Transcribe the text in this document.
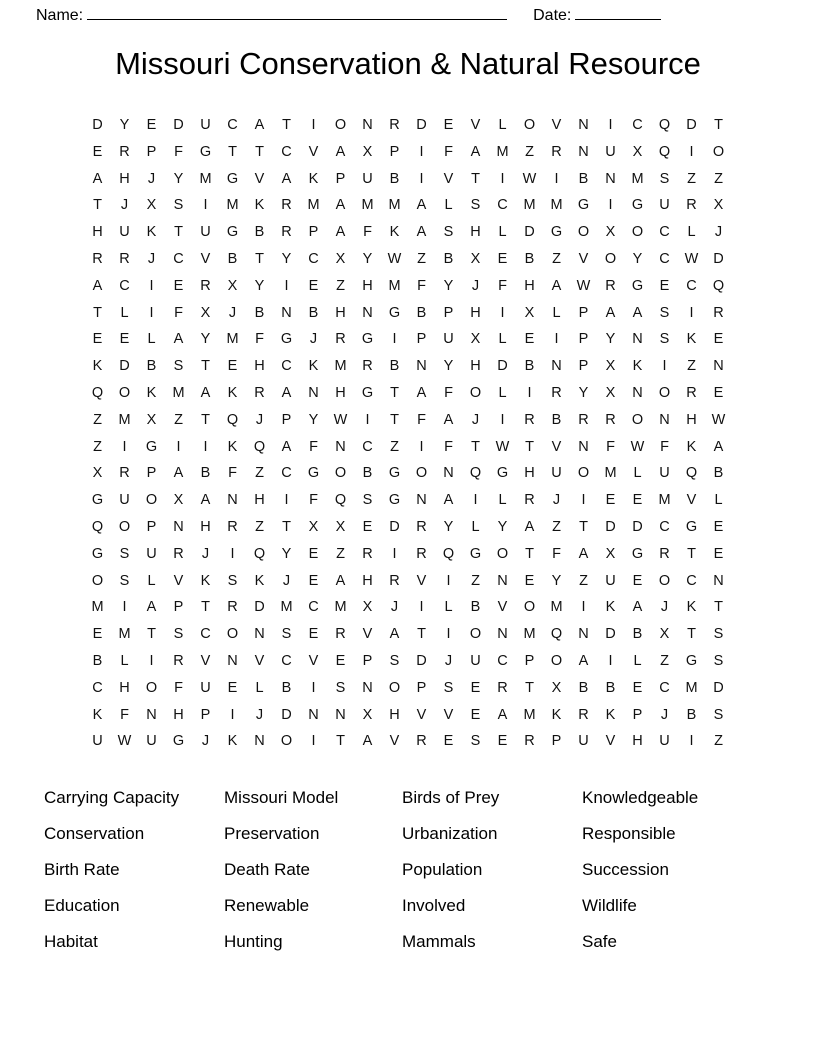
Name:	Date:
Missouri Conservation & Natural Resource
D	Y	E	D	U	C	A	T	I	O	N	R	D	E	V	L	O	V	N	I	C	Q	D	T
E	R	P	F	G	T	T	C	V	A	X	P	I	F	A	M	Z	R	N	U	X	Q	I	O
A	H	J	Y	M	G	V	A	K	P	U	B	I	V	T	I	W	I	B	N	M	S	Z	Z
T	J	X	S	I	M	K	R	M	A	M	M	A	L	S	C	M	M	G	I	G	U	R	X
H	U	K	T	U	G	B	R	P	A	F	K	A	S	H	L	D	G	O	X	O	C	L	J
R	R	J	C	V	B	T	Y	C	X	Y	W	Z	B	X	E	B	Z	V	O	Y	C	W	D
A	C	I	E	R	X	Y	I	E	Z	H	M	F	Y	J	F	H	A	W	R	G	E	C	Q
T	L	I	F	X	J	B	N	B	H	N	G	B	P	H	I	X	L	P	A	A	S	I	R
E	E	L	A	Y	M	F	G	J	R	G	I	P	U	X	L	E	I	P	Y	N	S	K	E
K	D	B	S	T	E	H	C	K	M	R	B	N	Y	H	D	B	N	P	X	K	I	Z	N
Q	O	K	M	A	K	R	A	N	H	G	T	A	F	O	L	I	R	Y	X	N	O	R	E
Z	M	X	Z	T	Q	J	P	Y	W	I	T	F	A	J	I	R	B	R	R	O	N	H	W
Z	I	G	I	I	K	Q	A	F	N	C	Z	I	F	T	W	T	V	N	F	W	F	K	A
X	R	P	A	B	F	Z	C	G	O	B	G	O	N	Q	G	H	U	O	M	L	U	Q	B
G	U	O	X	A	N	H	I	F	Q	S	G	N	A	I	L	R	J	I	E	E	M	V	L
Q	O	P	N	H	R	Z	T	X	X	E	D	R	Y	L	Y	A	Z	T	D	D	C	G	E
G	S	U	R	J	I	Q	Y	E	Z	R	I	R	Q	G	O	T	F	A	X	G	R	T	E
O	S	L	V	K	S	K	J	E	A	H	R	V	I	Z	N	E	Y	Z	U	E	O	C	N
M	I	A	P	T	R	D	M	C	M	X	J	I	L	B	V	O	M	I	K	A	J	K	T
E	M	T	S	C	O	N	S	E	R	V	A	T	I	O	N	M	Q	N	D	B	X	T	S
B	L	I	R	V	N	V	C	V	E	P	S	D	J	U	C	P	O	A	I	L	Z	G	S
C	H	O	F	U	E	L	B	I	S	N	O	P	S	E	R	T	X	B	B	E	C	M	D
K	F	N	H	P	I	J	D	N	N	X	H	V	V	E	A	M	K	R	K	P	J	B	S
U	W	U	G	J	K	N	O	I	T	A	V	R	E	S	E	R	P	U	V	H	U	I	Z
Carrying Capacity	Missouri Model	Birds of Prey	Knowledgeable
Conservation	Preservation	Urbanization	Responsible
Birth Rate	Death Rate	Population	Succession
Education	Renewable	Involved	Wildlife
Habitat	Hunting	Mammals	Safe
